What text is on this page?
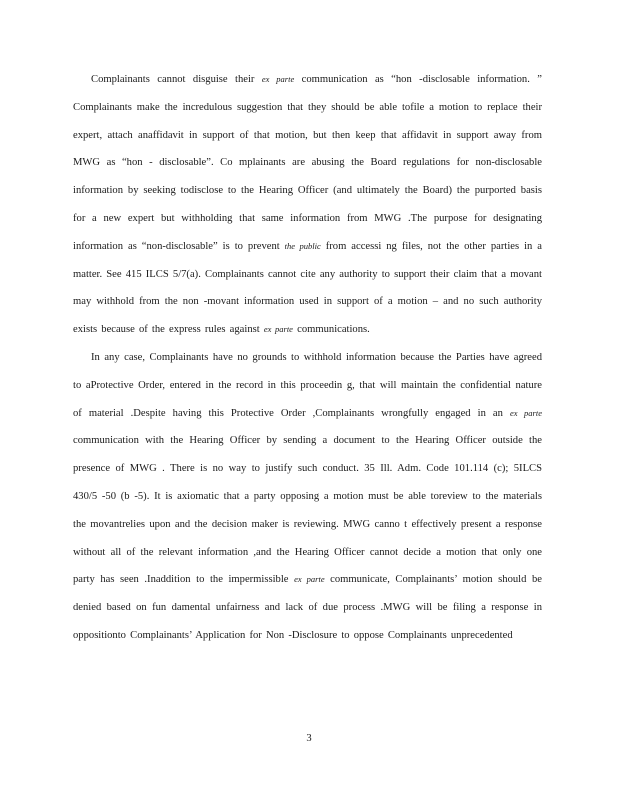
Complainants cannot disguise their ex parte communication as “hon -disclosable information. ” Complainants make the incredulous suggestion that they should be able tofile a motion to replace their expert, attach anaffidavit in support of that motion, but then keep that affidavit in support away from MWG as “hon - disclosable”. Co mplainants are abusing the Board regulations for non-disclosable information by seeking todisclose to the Hearing Officer (and ultimately the Board) the purported basis for a new expert but withholding that same information from MWG .The purpose for designating information as “non-disclosable” is to prevent the public from accessi ng files, not the other parties in a matter. See 415 ILCS 5/7(a). Complainants cannot cite any authority to support their claim that a movant may withhold from the non -movant information used in support of a motion – and no such authority exists because of the express rules against ex parte communications.

In any case, Complainants have no grounds to withhold information because the Parties have agreed to aProtective Order, entered in the record in this proceedin g, that will maintain the confidential nature of material .Despite having this Protective Order ,Complainants wrongfully engaged in an ex parte communication with the Hearing Officer by sending a document to the Hearing Officer outside the presence of MWG . There is no way to justify such conduct. 35 Ill. Adm. Code 101.114 (c); 5ILCS 430/5 -50 (b -5). It is axiomatic that a party opposing a motion must be able toreview to the materials the movantrelies upon and the decision maker is reviewing. MWG canno t effectively present a response without all of the relevant information ,and the Hearing Officer cannot decide a motion that only one party has seen .Inaddition to the impermissible ex parte communicate, Complainants’ motion should be denied based on fun damental unfairness and lack of due process .MWG will be filing a response in oppositionto Complainants’ Application for Non -Disclosure to oppose Complainants unprecedented

3
